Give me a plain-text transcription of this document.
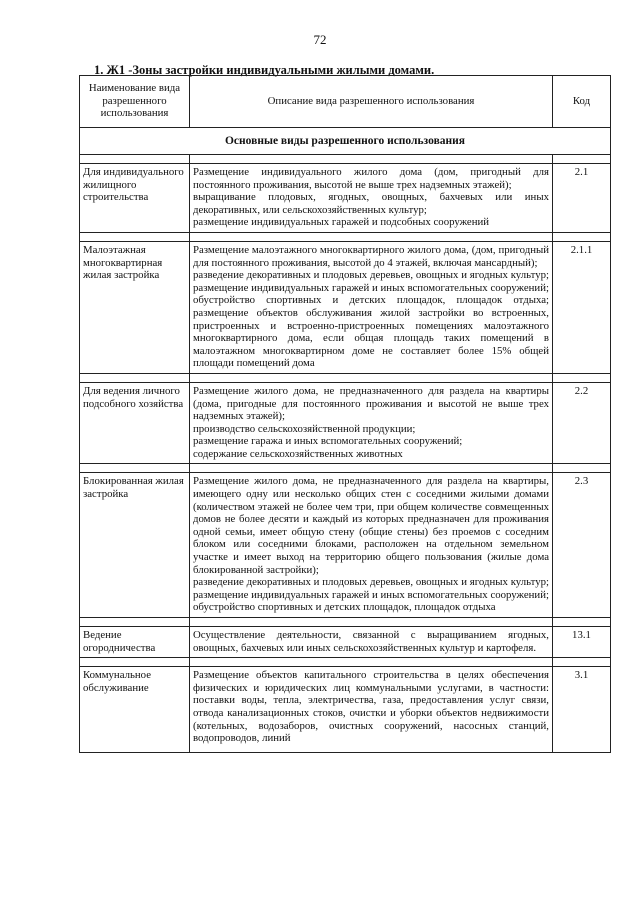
72
1. Ж1 -Зоны застройки индивидуальными жилыми домами.
Наименование вида разрешенного использования	Описание вида разрешенного использования	Код
Основные виды разрешенного использования		

Для индивидуального жилищного строительства	Размещение индивидуального жилого дома (дом, пригодный для постоянного проживания, высотой не выше трех надземных этажей);

выращивание плодовых, ягодных, овощных, бахчевых или иных декоративных, или сельскохозяйственных культур;

размещение индивидуальных гаражей и подсобных сооружений	2.1

Малоэтажная многоквартирная жилая застройка	Размещение малоэтажного многоквартирного жилого дома, (дом, пригодный для постоянного проживания, высотой до 4 этажей, включая мансардный);

разведение декоративных и плодовых деревьев, овощных и ягодных культур; размещение индивидуальных гаражей и иных вспомогательных сооружений; обустройство спортивных и детских площадок, площадок отдыха; размещение объектов обслуживания жилой застройки во встроенных, пристроенных и встроенно-пристроенных помещениях малоэтажного многоквартирного дома, если общая площадь таких помещений в малоэтажном многоквартирном доме не составляет более 15% общей площади помещений дома	2.1.1

Для ведения личного подсобного хозяйства	Размещение жилого дома, не предназначенного для раздела на квартиры (дома, пригодные для постоянного проживания и высотой не выше трех надземных этажей);

производство сельскохозяйственной продукции;

размещение гаража и иных вспомогательных сооружений;

содержание сельскохозяйственных животных	2.2

Блокированная жилая застройка	Размещение жилого дома, не предназначенного для раздела на квартиры, имеющего одну или несколько общих стен с соседними жилыми домами (количеством этажей не более чем три, при общем количестве совмещенных домов не более десяти и каждый из которых предназначен для проживания одной семьи, имеет общую стену (общие стены) без проемов с соседним блоком или соседними блоками, расположен на отдельном земельном участке и имеет выход на территорию общего пользования (жилые дома блокированной застройки);

разведение декоративных и плодовых деревьев, овощных и ягодных культур; размещение индивидуальных гаражей и иных вспомогательных сооружений; обустройство спортивных и детских площадок, площадок отдыха	2.3

Ведение огородничества	Осуществление деятельности, связанной с выращиванием ягодных, овощных, бахчевых или иных сельскохозяйственных культур и картофеля.	13.1

Коммунальное обслуживание	Размещение объектов капитального строительства в целях обеспечения физических и юридических лиц коммунальными услугами, в частности: поставки воды, тепла, электричества, газа, предоставления услуг связи, отвода канализационных стоков, очистки и уборки объектов недвижимости (котельных, водозаборов, очистных сооружений, насосных станций, водопроводов, линий	3.1
